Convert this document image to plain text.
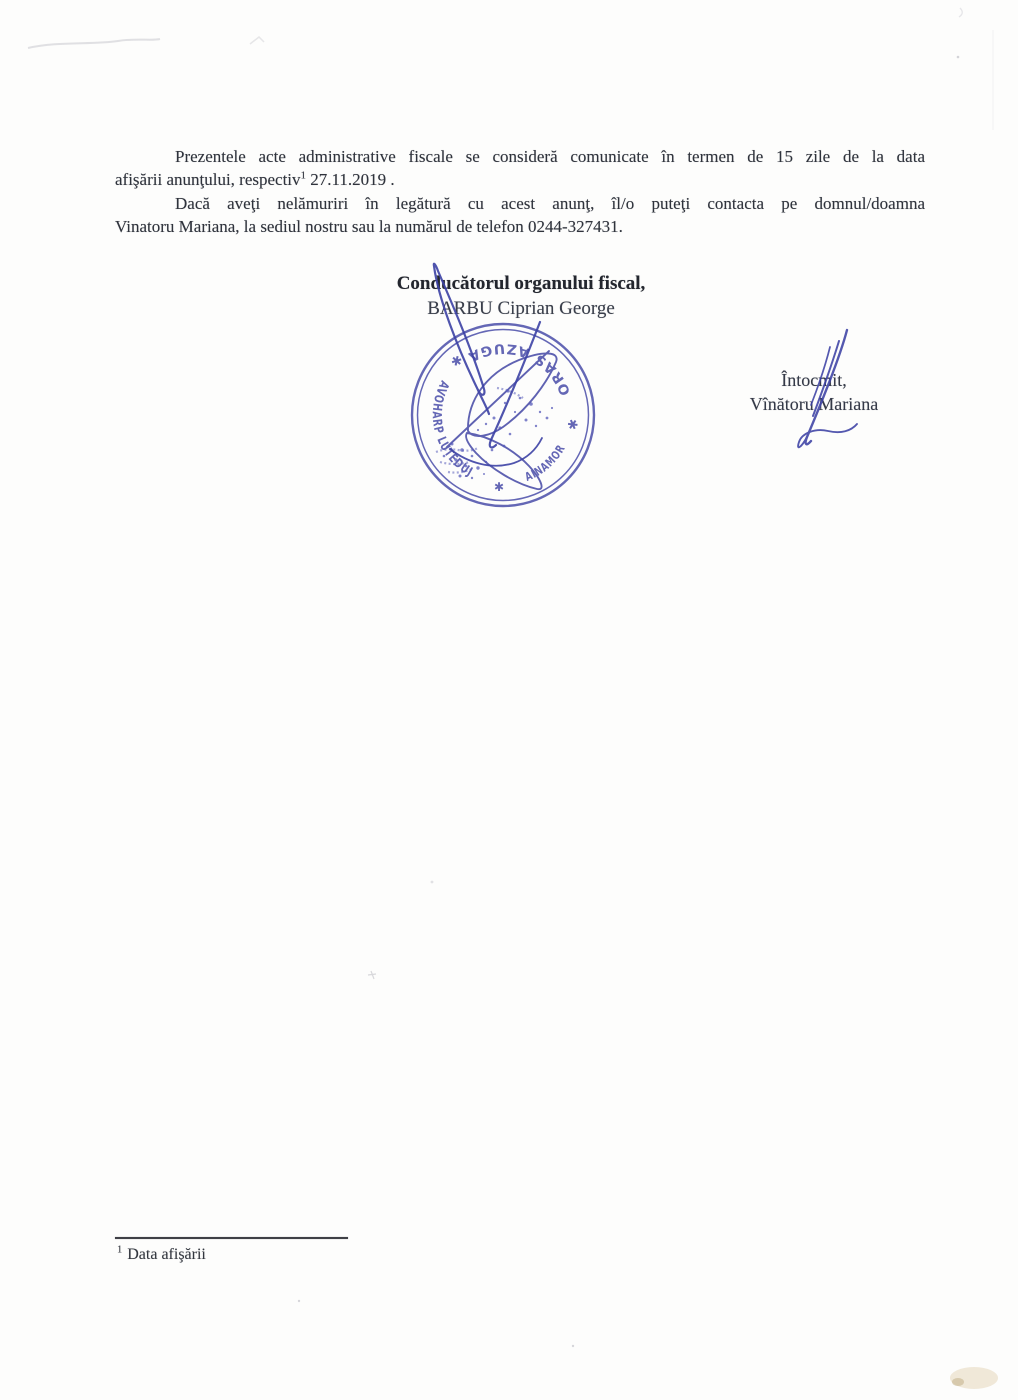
Prezentele acte administrative fiscale se consideră comunicate în termen de 15 zile de la data
afişării anunţului, respectiv$^1$ 27.11.2019 .
Dacă aveţi nelămuriri în legătură cu acest anunţ, îl/o puteţi contacta pe domnul/doamna
Vinatoru Mariana, la sediul nostru sau la numărul de telefon 0244-327431.
Conducătorul organului fiscal,
BARBU Ciprian George
Întocmit,
Vînătoru Mariana
ORAS AZUGA
AVOHARP LUTEDUJ	AINAMOR
✱
✱
✱
$^1$ Data afişării
